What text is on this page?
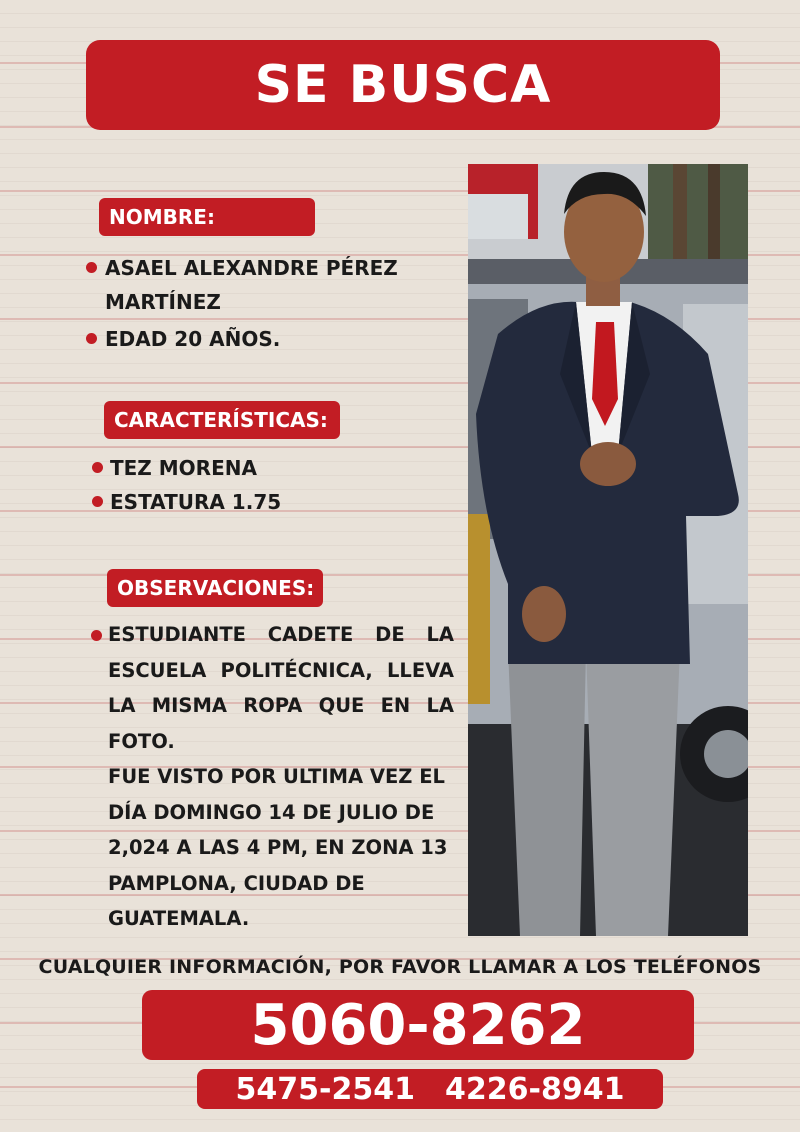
SE BUSCA
NOMBRE:
ASAEL ALEXANDRE PÉREZ
MARTÍNEZ
EDAD 20 AÑOS.
CARACTERÍSTICAS:
TEZ MORENA
ESTATURA 1.75
OBSERVACIONES:
ESTUDIANTE CADETE DE LA
ESCUELA POLITÉCNICA, LLEVA
LA MISMA ROPA QUE EN LA
FOTO.
FUE VISTO POR ULTIMA VEZ EL
DÍA DOMINGO 14 DE JULIO DE
2,024 A LAS 4 PM, EN ZONA 13
PAMPLONA, CIUDAD DE
GUATEMALA.
CUALQUIER INFORMACIÓN, POR FAVOR LLAMAR A LOS TELÉFONOS
5060-8262
5475-2541 4226-8941
